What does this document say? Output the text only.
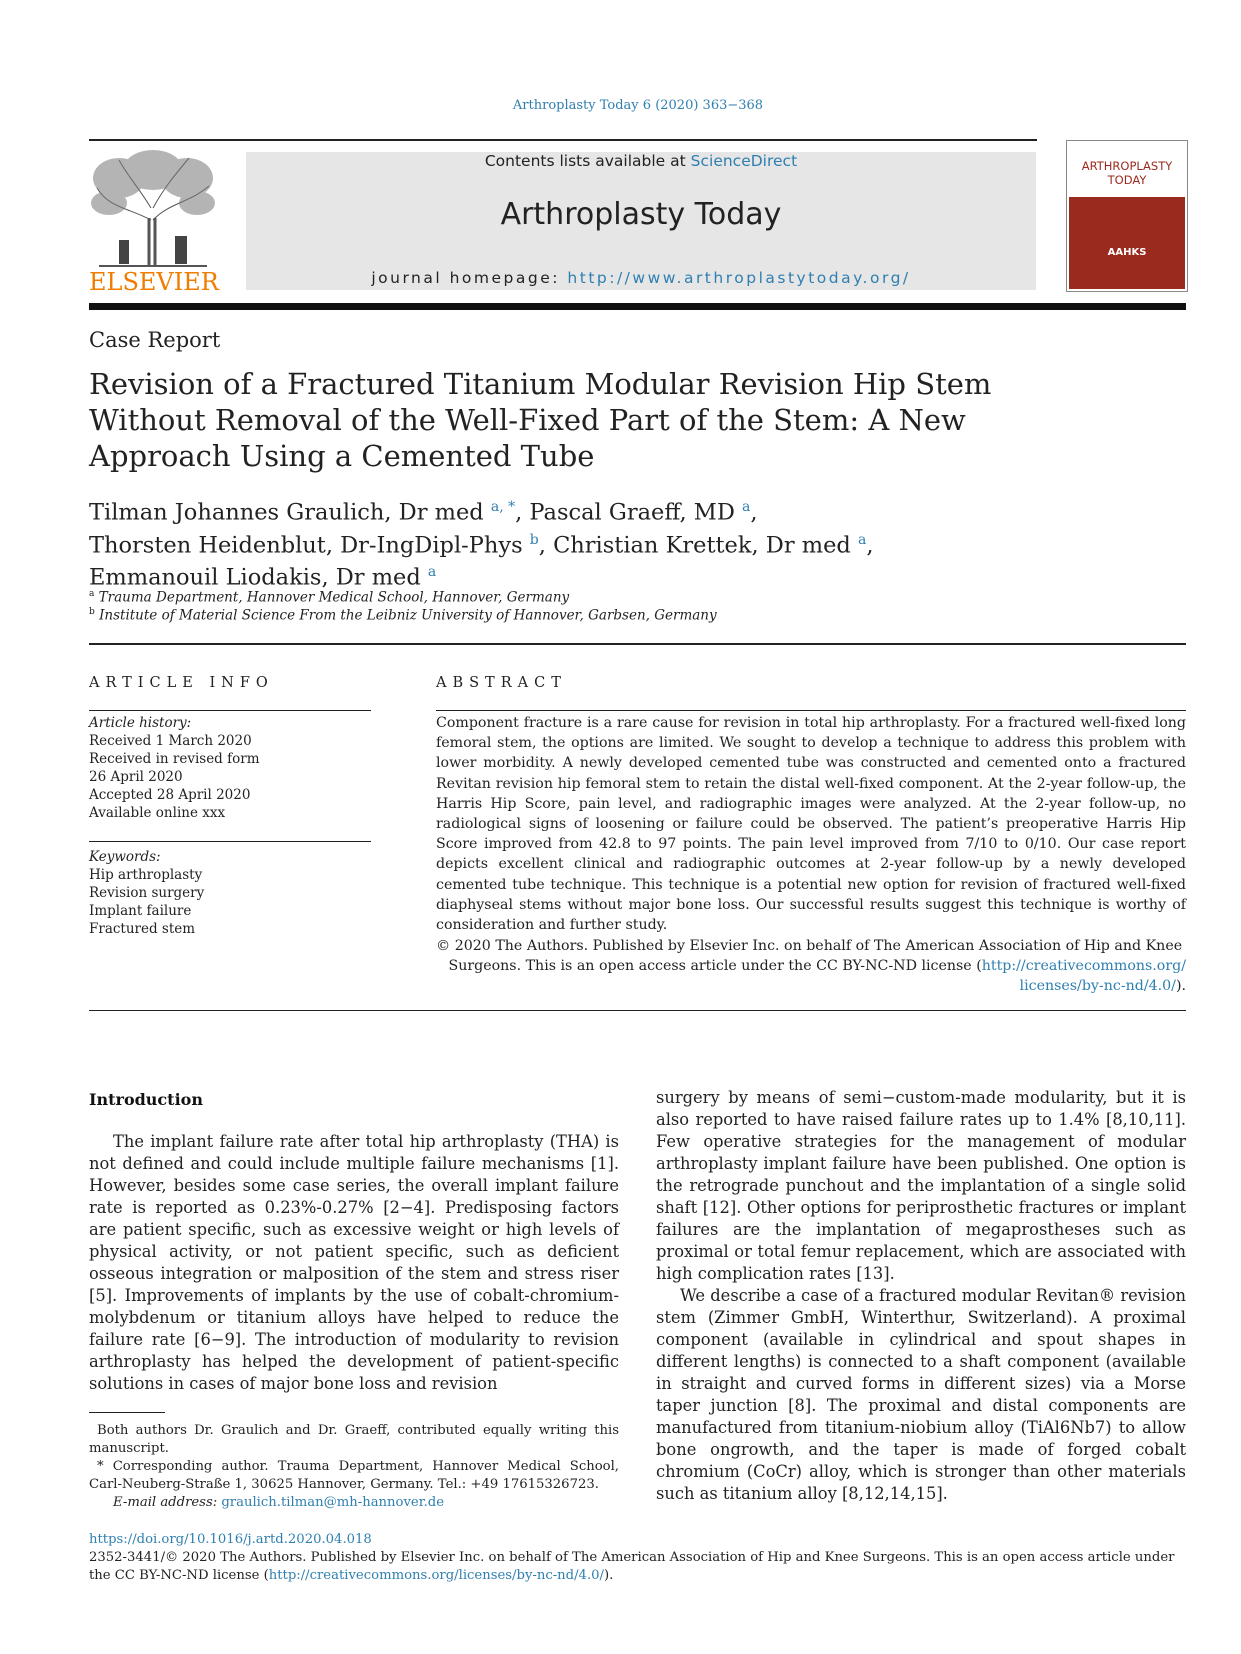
Arthroplasty Today 6 (2020) 363−368
ELSEVIER
Contents lists available at ScienceDirect
Arthroplasty Today
journal homepage: http://www.arthroplastytoday.org/
ARTHROPLASTY
TODAY
AAHKS
Case Report
Revision of a Fractured Titanium Modular Revision Hip Stem Without Removal of the Well-Fixed Part of the Stem: A New Approach Using a Cemented Tube
Tilman Johannes Graulich, Dr med $^{a, *}$, Pascal Graeff, MD $^a$,
Thorsten Heidenblut, Dr-IngDipl-Phys $^b$, Christian Krettek, Dr med $^a$,
Emmanouil Liodakis, Dr med $^a$
$^a$ Trauma Department, Hannover Medical School, Hannover, Germany
$^b$ Institute of Material Science From the Leibniz University of Hannover, Garbsen, Germany
ARTICLE INFO
Article history:
Received 1 March 2020
Received in revised form
26 April 2020
Accepted 28 April 2020
Available online xxx
Keywords:
Hip arthroplasty
Revision surgery
Implant failure
Fractured stem
ABSTRACT
Component fracture is a rare cause for revision in total hip arthroplasty. For a fractured well-fixed long femoral stem, the options are limited. We sought to develop a technique to address this problem with lower morbidity. A newly developed cemented tube was constructed and cemented onto a fractured Revitan revision hip femoral stem to retain the distal well-fixed component. At the 2-year follow-up, the Harris Hip Score, pain level, and radiographic images were analyzed. At the 2-year follow-up, no radiological signs of loosening or failure could be observed. The patient’s preoperative Harris Hip Score improved from 42.8 to 97 points. The pain level improved from 7/10 to 0/10. Our case report depicts excellent clinical and radiographic outcomes at 2-year follow-up by a newly developed cemented tube technique. This technique is a potential new option for revision of fractured well-fixed diaphyseal stems without major bone loss. Our successful results suggest this technique is worthy of consideration and further study.
© 2020 The Authors. Published by Elsevier Inc. on behalf of The American Association of Hip and Knee
Surgeons. This is an open access article under the CC BY-NC-ND license (http://creativecommons.org/
licenses/by-nc-nd/4.0/).
Introduction

The implant failure rate after total hip arthroplasty (THA) is not defined and could include multiple failure mechanisms [1]. However, besides some case series, the overall implant failure rate is reported as 0.23%-0.27% [2−4]. Predisposing factors are patient specific, such as excessive weight or high levels of physical activity, or not patient specific, such as deficient osseous integration or malposition of the stem and stress riser [5]. Improvements of implants by the use of cobalt-chromium-molybdenum or titanium alloys have helped to reduce the failure rate [6−9]. The introduction of modularity to revision arthroplasty has helped the development of patient-specific solutions in cases of major bone loss and revision

surgery by means of semi−custom-made modularity, but it is also reported to have raised failure rates up to 1.4% [8,10,11]. Few operative strategies for the management of modular arthroplasty implant failure have been published. One option is the retrograde punchout and the implantation of a single solid shaft [12]. Other options for periprosthetic fractures or implant failures are the implantation of megaprostheses such as proximal or total femur replacement, which are associated with high complication rates [13].

We describe a case of a fractured modular Revitan® revision stem (Zimmer GmbH, Winterthur, Switzerland). A proximal component (available in cylindrical and spout shapes in different lengths) is connected to a shaft component (available in straight and curved forms in different sizes) via a Morse taper junction [8]. The proximal and distal components are manufactured from titanium-niobium alloy (TiAl6Nb7) to allow bone ongrowth, and the taper is made of forged cobalt chromium (CoCr) alloy, which is stronger than other materials such as titanium alloy [8,12,14,15].

Both authors Dr. Graulich and Dr. Graeff, contributed equally writing this manuscript.
* Corresponding author. Trauma Department, Hannover Medical School, Carl-Neuberg-Straße 1, 30625 Hannover, Germany. Tel.: +49 17615326723.
E-mail address: graulich.tilman@mh-hannover.de
https://doi.org/10.1016/j.artd.2020.04.018
2352-3441/© 2020 The Authors. Published by Elsevier Inc. on behalf of The American Association of Hip and Knee Surgeons. This is an open access article under the CC BY-NC-ND license (http://creativecommons.org/licenses/by-nc-nd/4.0/).
